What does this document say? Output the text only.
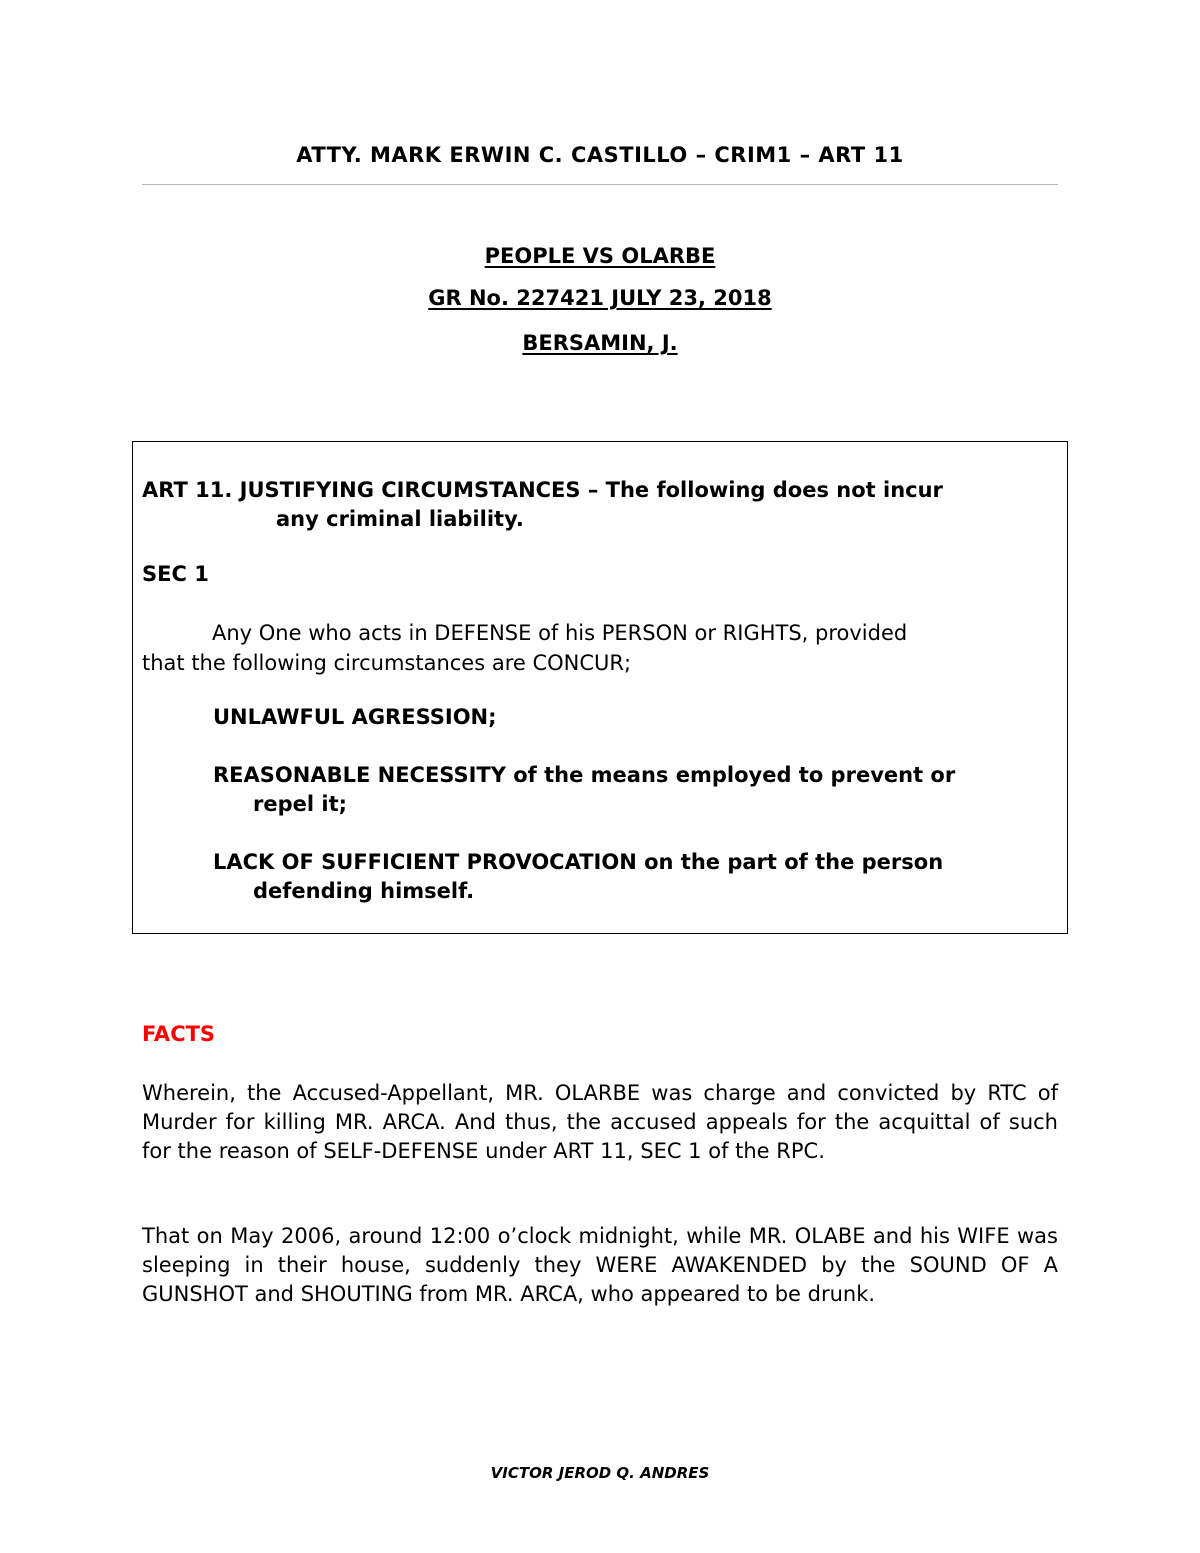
ATTY. MARK ERWIN C. CASTILLO – CRIM1 – ART 11
PEOPLE VS OLARBE
GR No. 227421 JULY 23, 2018
BERSAMIN, J.
ART 11. JUSTIFYING CIRCUMSTANCES – The following does not incur
any criminal liability.
SEC 1
Any One who acts in DEFENSE of his PERSON or RIGHTS, provided
that the following circumstances are CONCUR;
UNLAWFUL AGRESSION;
REASONABLE NECESSITY of the means employed to prevent or
repel it;
LACK OF SUFFICIENT PROVOCATION on the part of the person
defending himself.
FACTS
Wherein, the Accused-Appellant, MR. OLARBE was charge and convicted by RTC of Murder for killing MR. ARCA. And thus, the accused appeals for the acquittal of such for the reason of SELF-DEFENSE under ART 11, SEC 1 of the RPC.
That on May 2006, around 12:00 o’clock midnight, while MR. OLABE and his WIFE was sleeping in their house, suddenly they WERE AWAKENDED by the SOUND OF A GUNSHOT and SHOUTING from MR. ARCA, who appeared to be drunk.
VICTOR JEROD Q. ANDRES
